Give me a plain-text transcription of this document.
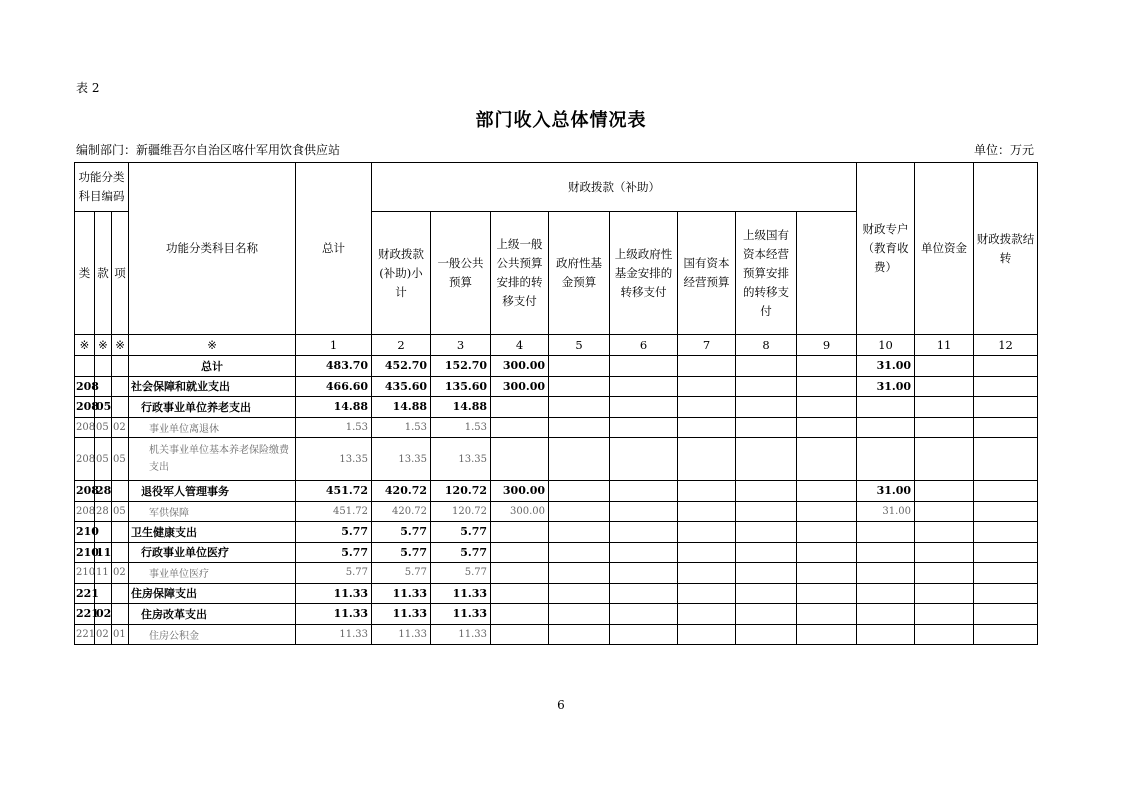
表 2
部门收入总体情况表
编制部门：新疆维吾尔自治区喀什军用饮食供应站	单位：万元
功能分类科目编码			功能分类科目名称	总计	财政拨款（补助）								财政专户（教育收费）	单位资金	财政拨款结转	
类	款	项			财政拨款(补助)小计	一般公共预算	上级一般公共预算安排的转移支付	政府性基金预算	上级政府性基金安排的转移支付	国有资本经营预算	上级国有资本经营预算安排的转移支付					
※	※	※	※	1	2	3	4	5	6	7	8	9	10	11	12	
			总计	483.70	452.70	152.70	300.00						31.00			
208			社会保障和就业支出	466.60	435.60	135.60	300.00						31.00			
208	05		行政事业单位养老支出	14.88	14.88	14.88										
208	05	02	事业单位离退休	1.53	1.53	1.53										
208	05	05	机关事业单位基本养老保险缴费支出	13.35	13.35	13.35										
208	28		退役军人管理事务	451.72	420.72	120.72	300.00						31.00			
208	28	05	军供保障	451.72	420.72	120.72	300.00						31.00			
210			卫生健康支出	5.77	5.77	5.77										
210	11		行政事业单位医疗	5.77	5.77	5.77										
210	11	02	事业单位医疗	5.77	5.77	5.77										
221			住房保障支出	11.33	11.33	11.33										
221	02		住房改革支出	11.33	11.33	11.33										
221	02	01	住房公积金	11.33	11.33	11.33										
6
